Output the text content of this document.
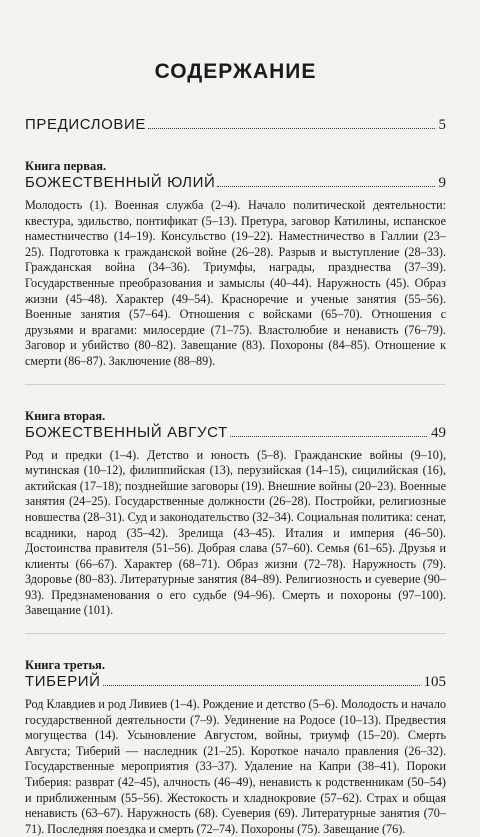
СОДЕРЖАНИЕ
ПРЕДИСЛОВИЕ	5
Книга первая.
БОЖЕСТВЕННЫЙ ЮЛИЙ	9
Молодость (1). Военная служба (2–4). Начало политической деятельности: квестура, эдильство, понтификат (5–13). Претура, заговор Катилины, испанское наместничество (14–19). Консульство (19–22). Наместничество в Галлии (23–25). Подготовка к гражданской войне (26–28). Разрыв и выступление (28–33). Гражданская война (34–36). Триумфы, награды, празднества (37–39). Государственные преобразования и замыслы (40–44). Наружность (45). Образ жизни (45–48). Характер (49–54). Красноречие и ученые занятия (55–56). Военные занятия (57–64). Отношения с войсками (65–70). Отношения с друзьями и врагами: милосердие (71–75). Властолюбие и ненависть (76–79). Заговор и убийство (80–82). Завещание (83). Похороны (84–85). Отношение к смерти (86–87). Заключение (88–89).
Книга вторая.
БОЖЕСТВЕННЫЙ АВГУСТ	49
Род и предки (1–4). Детство и юность (5–8). Гражданские войны (9–10), мутинская (10–12), филиппийская (13), перузийская (14–15), сицилийская (16), актийская (17–18); позднейшие заговоры (19). Внешние войны (20–23). Военные занятия (24–25). Государственные должности (26–28). Постройки, религиозные новшества (28–31). Суд и законодательство (32–34). Социальная политика: сенат, всадники, народ (35–42). Зрелища (43–45). Италия и империя (46–50). Достоинства правителя (51–56). Добрая слава (57–60). Семья (61–65). Друзья и клиенты (66–67). Характер (68–71). Образ жизни (72–78). Наружность (79). Здоровье (80–83). Литературные занятия (84–89). Религиозность и суеверие (90–93). Предзнаменования о его судьбе (94–96). Смерть и похороны (97–100). Завещание (101).
Книга третья.
ТИБЕРИЙ	105
Род Клавдиев и род Ливиев (1–4). Рождение и детство (5–6). Молодость и начало государственной деятельности (7–9). Уединение на Родосе (10–13). Предвестия могущества (14). Усыновление Августом, войны, триумф (15–20). Смерть Августа; Тиберий — наследник (21–25). Короткое начало правления (26–32). Государственные мероприятия (33–37). Удаление на Капри (38–41). Пороки Тиберия: разврат (42–45), алчность (46–49), ненависть к родственникам (50–54) и приближенным (55–56). Жестокость и хладнокровие (57–62). Страх и общая ненависть (63–67). Наружность (68). Суеверия (69). Литературные занятия (70–71). Последняя поездка и смерть (72–74). Похороны (75). Завещание (76).
